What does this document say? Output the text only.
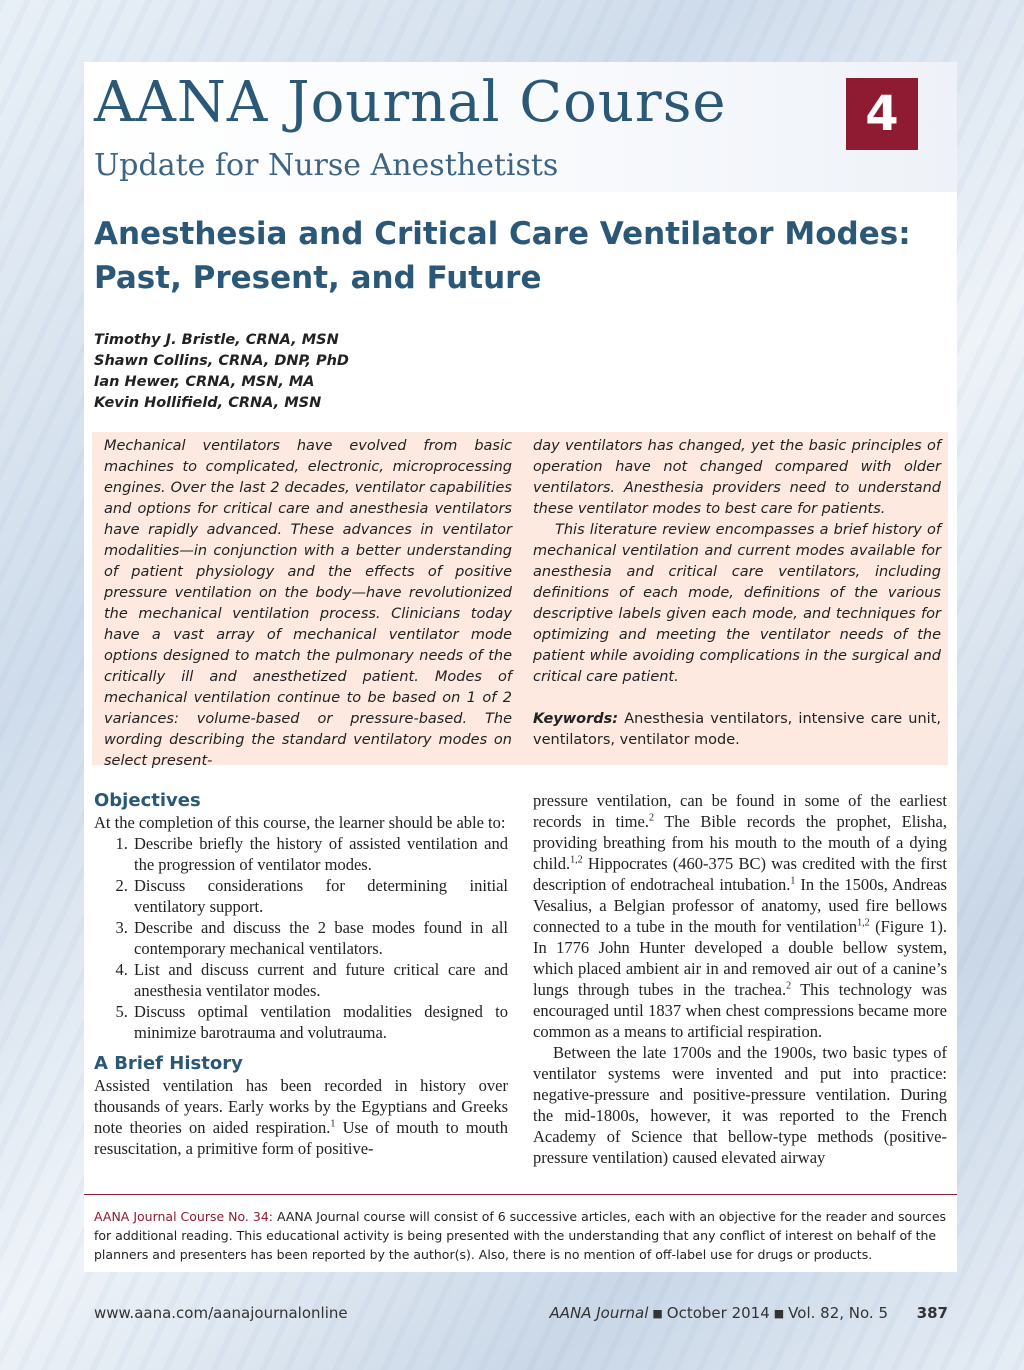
AANA Journal Course
Update for Nurse Anesthetists
4
Anesthesia and Critical Care Ventilator Modes:
Past, Present, and Future
Timothy J. Bristle, CRNA, MSN
Shawn Collins, CRNA, DNP, PhD
Ian Hewer, CRNA, MSN, MA
Kevin Hollifield, CRNA, MSN
Mechanical ventilators have evolved from basic machines to complicated, electronic, microprocessing engines. Over the last 2 decades, ventilator capabilities and options for critical care and anesthesia ventilators have rapidly advanced. These advances in ventilator modalities—in conjunction with a better understanding of patient physiology and the effects of positive pressure ventilation on the body—have revolutionized the mechanical ventilation process. Clinicians today have a vast array of mechanical ventilator mode options designed to match the pulmonary needs of the critically ill and anesthetized patient. Modes of mechanical ventilation continue to be based on 1 of 2 variances: volume-based or pressure-based. The wording describing the standard ventilatory modes on select present-

day ventilators has changed, yet the basic principles of operation have not changed compared with older ventilators. Anesthesia providers need to understand these ventilator modes to best care for patients.

This literature review encompasses a brief history of mechanical ventilation and current modes available for anesthesia and critical care ventilators, including definitions of each mode, definitions of the various descriptive labels given each mode, and techniques for optimizing and meeting the ventilator needs of the patient while avoiding complications in the surgical and critical care patient.

Keywords: Anesthesia ventilators, intensive care unit, ventilators, ventilator mode.

Objectives

At the completion of this course, the learner should be able to:

1. Describe briefly the history of assisted ventilation and the progression of ventilator modes.
2. Discuss considerations for determining initial ventilatory support.
3. Describe and discuss the 2 base modes found in all contemporary mechanical ventilators.
4. List and discuss current and future critical care and anesthesia ventilator modes.
5. Discuss optimal ventilation modalities designed to minimize barotrauma and volutrauma.
A Brief History

Assisted ventilation has been recorded in history over thousands of years. Early works by the Egyptians and Greeks note theories on aided respiration.$^1$ Use of mouth to mouth resuscitation, a primitive form of positive-

pressure ventilation, can be found in some of the earliest records in time.$^2$ The Bible records the prophet, Elisha, providing breathing from his mouth to the mouth of a dying child.$^{1,2}$ Hippocrates (460-375 BC) was credited with the first description of endotracheal intubation.$^1$ In the 1500s, Andreas Vesalius, a Belgian professor of anatomy, used fire bellows connected to a tube in the mouth for ventilation$^{1,2}$ (Figure 1). In 1776 John Hunter developed a double bellow system, which placed ambient air in and removed air out of a canine’s lungs through tubes in the trachea.$^2$ This technology was encouraged until 1837 when chest compressions became more common as a means to artificial respiration.

Between the late 1700s and the 1900s, two basic types of ventilator systems were invented and put into practice: negative-pressure and positive-pressure ventilation. During the mid-1800s, however, it was reported to the French Academy of Science that bellow-type methods (positive-pressure ventilation) caused elevated airway

AANA Journal Course No. 34: AANA Journal course will consist of 6 successive articles, each with an objective for the reader and sources for additional reading. This educational activity is being presented with the understanding that any conflict of interest on behalf of the planners and presenters has been reported by the author(s). Also, there is no mention of off-label use for drugs or products.
www.aana.com/aanajournalonline	AANA Journal ■ October 2014 ■ Vol. 82, No. 5 387
